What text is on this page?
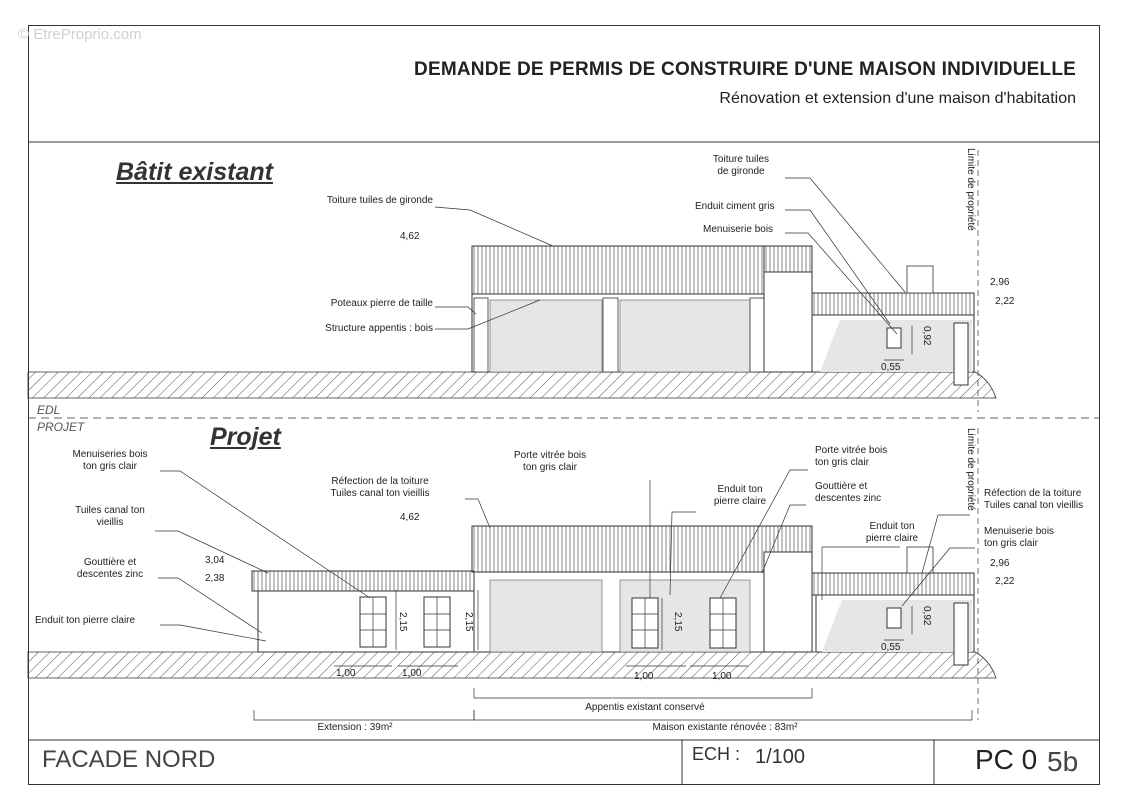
© EtreProprio.com
DEMANDE DE PERMIS DE CONSTRUIRE D'UNE MAISON INDIVIDUELLE
Rénovation et extension d'une maison d'habitation
Bâtit existant
Toiture tuiles de gironde
4,62
Poteaux pierre de taille
Structure appentis : bois
Toiture tuiles
de gironde
Enduit ciment gris
Menuiserie bois
2,96
2,22
0,92
0,55
Limite de propriété
EDL
PROJET	Projet
Menuiseries bois
ton gris clair
Tuiles canal ton
vieillis
Gouttière et
descentes zinc
Enduit ton pierre claire
3,04
2,38
Réfection de la toiture
Tuiles canal ton vieillis
4,62
Porte vitrée bois
ton gris clair
Enduit ton
pierre claire
Porte vitrée bois
ton gris clair
Gouttière et
descentes zinc
Enduit ton
pierre claire
Réfection de la toiture
Tuiles canal ton vieillis
Menuiserie bois
ton gris clair
2,96
2,22
2,15	2,15	2,15	0,92
0,55
1,00	1,00	1,00	1,00
Limite de propriété
Appentis existant conservé
Extension : 39m²	Maison existante rénovée : 83m²
FACADE NORD	ECH : 1/100	PC 0 5b
